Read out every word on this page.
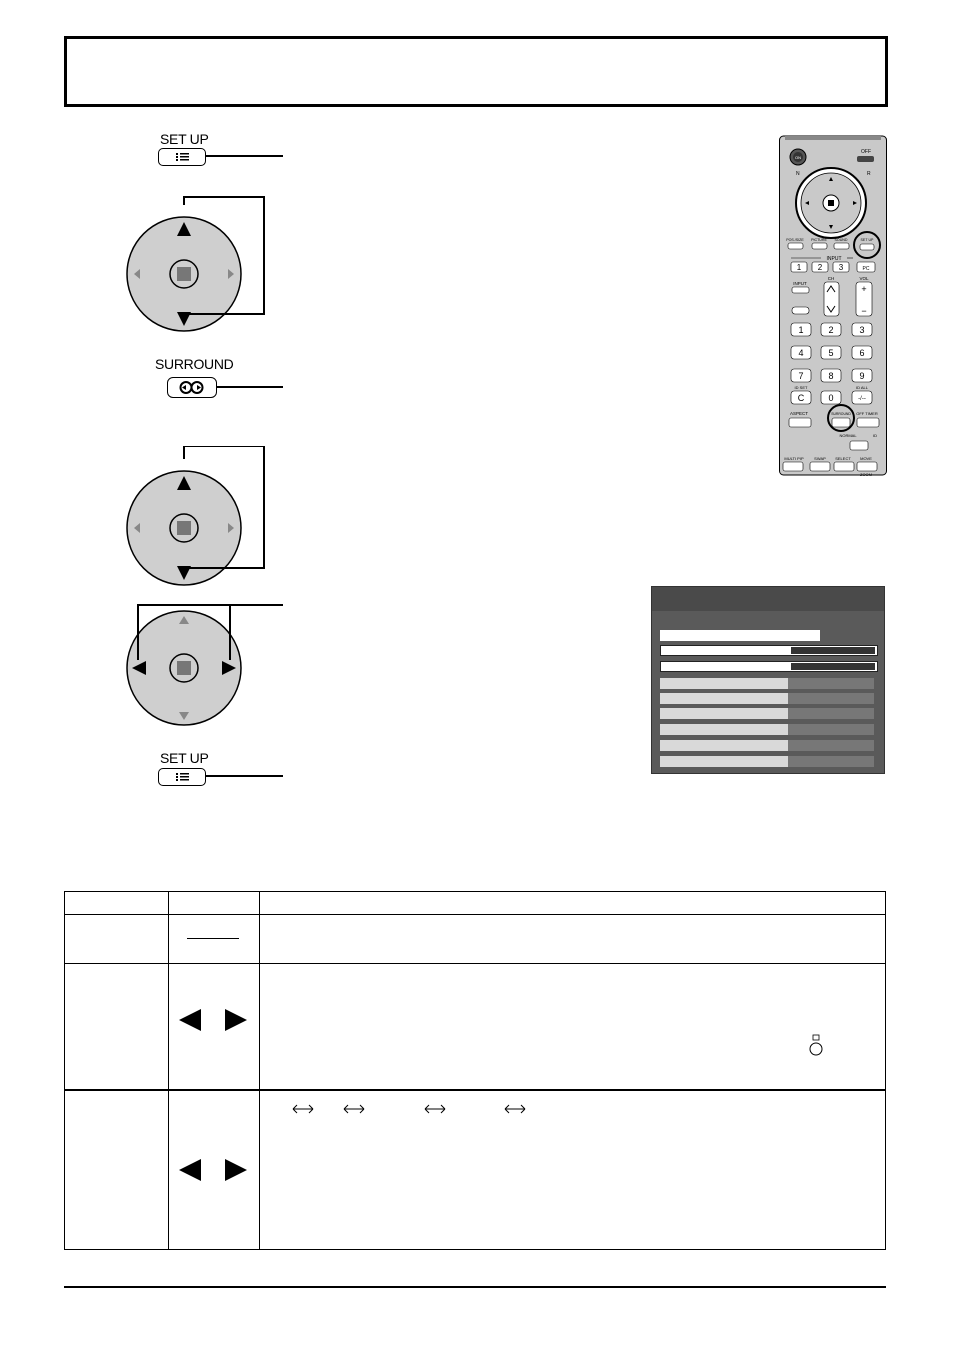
SET UP
SURROUND
SET UP
ON
OFF
N	R
POS./SIZE PICTURE SOUND	SET UP
INPUT
1 2 3	PC
INPUT
CH	VOL
+
−
1	2	3
4	5	6
7	8	9
ID SET	ID ALL
C	0	-/--
ASPECT	SURROUND OFF TIMER
NORMAL	ID
MULTI PIP	SWAP SELECT MOVE
ZOOM
